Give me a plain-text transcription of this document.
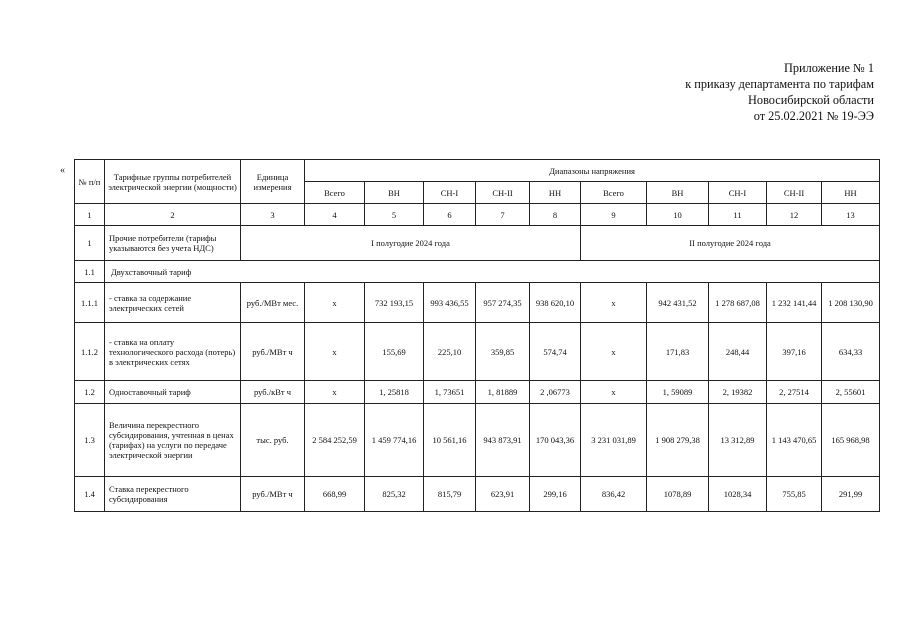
Приложение № 1
к приказу департамента по тарифам
Новосибирской области
от 25.02.2021 № 19-ЭЭ
«
№ п/п	Тарифные группы потребителей электрической энергии (мощности)	Единица измерения	Диапазоны напряжения									
			Всего	ВН	СН-I	СН-II	НН	Всего	ВН	СН-I	СН-II	НН
1	2	3	4	5	6	7	8	9	10	11	12	13
1	Прочие потребители (тарифы указываются без учета НДС)	I полугодие 2024 года						II полугодие 2024 года				
1.1	Двухставочный тариф											
1.1.1	- ставка за содержание электрических сетей	руб./МВт мес.	х	732 193,15	993 436,55	957 274,35	938 620,10	х	942 431,52	1 278 687,08	1 232 141,44	1 208 130,90
1.1.2	- ставка на оплату технологического расхода (потерь) в электрических сетях	руб./МВт ч	х	155,69	225,10	359,85	574,74	х	171,83	248,44	397,16	634,33
1.2	Одноставочный тариф	руб./кВт ч	х	1, 25818	1, 73651	1, 81889	2 ,06773	х	1, 59089	2, 19382	2, 27514	2, 55601
1.3	Величина перекрестного субсидирования, учтенная в ценах (тарифах) на услуги по передаче электрической энергии	тыс. руб.	2 584 252,59	1 459 774,16	10 561,16	943 873,91	170 043,36	3 231 031,89	1 908 279,38	13 312,89	1 143 470,65	165 968,98
1.4	Ставка перекрестного субсидирования	руб./МВт ч	668,99	825,32	815,79	623,91	299,16	836,42	1078,89	1028,34	755,85	291,99
